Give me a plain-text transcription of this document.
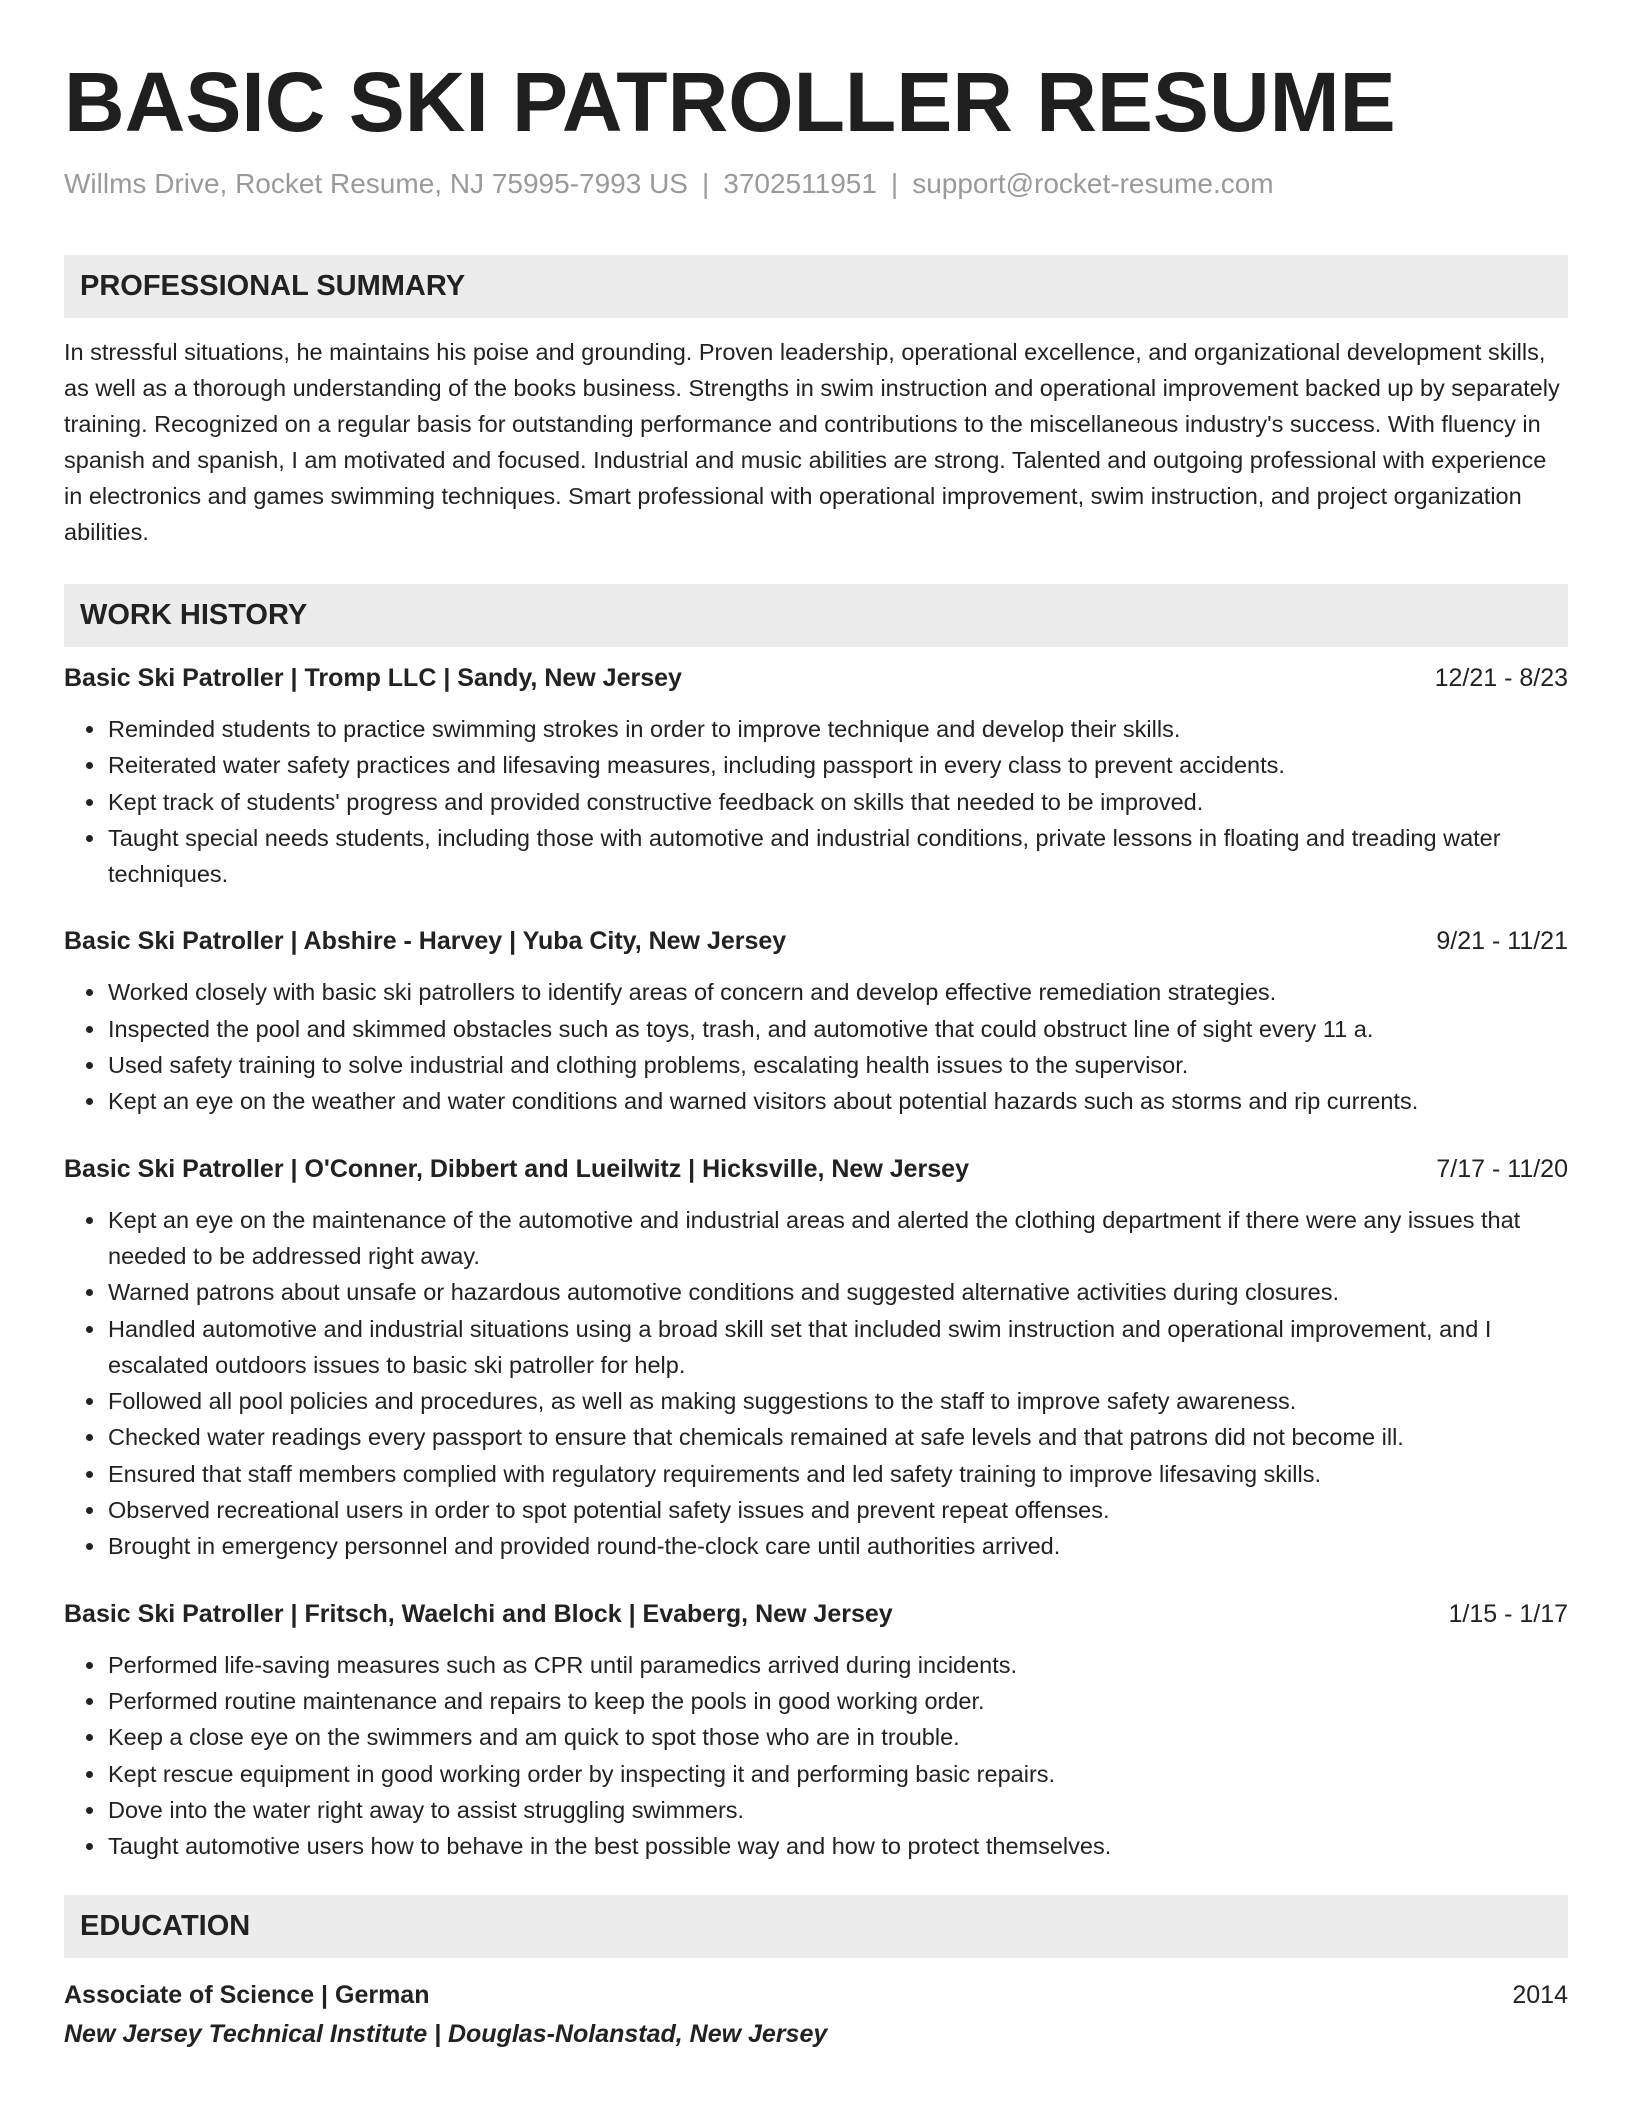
BASIC SKI PATROLLER RESUME
Willms Drive, Rocket Resume, NJ 75995-7993 US | 3702511951 | support@rocket-resume.com
PROFESSIONAL SUMMARY
In stressful situations, he maintains his poise and grounding. Proven leadership, operational excellence, and organizational development skills, as well as a thorough understanding of the books business. Strengths in swim instruction and operational improvement backed up by separately training. Recognized on a regular basis for outstanding performance and contributions to the miscellaneous industry's success. With fluency in spanish and spanish, I am motivated and focused. Industrial and music abilities are strong. Talented and outgoing professional with experience in electronics and games swimming techniques. Smart professional with operational improvement, swim instruction, and project organization abilities.
WORK HISTORY
Basic Ski Patroller | Tromp LLC | Sandy, New Jersey	12/21 - 8/23
• Reminded students to practice swimming strokes in order to improve technique and develop their skills.
• Reiterated water safety practices and lifesaving measures, including passport in every class to prevent accidents.
• Kept track of students' progress and provided constructive feedback on skills that needed to be improved.
• Taught special needs students, including those with automotive and industrial conditions, private lessons in floating and treading water techniques.
Basic Ski Patroller | Abshire - Harvey | Yuba City, New Jersey	9/21 - 11/21
• Worked closely with basic ski patrollers to identify areas of concern and develop effective remediation strategies.
• Inspected the pool and skimmed obstacles such as toys, trash, and automotive that could obstruct line of sight every 11 a.
• Used safety training to solve industrial and clothing problems, escalating health issues to the supervisor.
• Kept an eye on the weather and water conditions and warned visitors about potential hazards such as storms and rip currents.
Basic Ski Patroller | O'Conner, Dibbert and Lueilwitz | Hicksville, New Jersey	7/17 - 11/20
• Kept an eye on the maintenance of the automotive and industrial areas and alerted the clothing department if there were any issues that needed to be addressed right away.
• Warned patrons about unsafe or hazardous automotive conditions and suggested alternative activities during closures.
• Handled automotive and industrial situations using a broad skill set that included swim instruction and operational improvement, and I escalated outdoors issues to basic ski patroller for help.
• Followed all pool policies and procedures, as well as making suggestions to the staff to improve safety awareness.
• Checked water readings every passport to ensure that chemicals remained at safe levels and that patrons did not become ill.
• Ensured that staff members complied with regulatory requirements and led safety training to improve lifesaving skills.
• Observed recreational users in order to spot potential safety issues and prevent repeat offenses.
• Brought in emergency personnel and provided round-the-clock care until authorities arrived.
Basic Ski Patroller | Fritsch, Waelchi and Block | Evaberg, New Jersey	1/15 - 1/17
• Performed life-saving measures such as CPR until paramedics arrived during incidents.
• Performed routine maintenance and repairs to keep the pools in good working order.
• Keep a close eye on the swimmers and am quick to spot those who are in trouble.
• Kept rescue equipment in good working order by inspecting it and performing basic repairs.
• Dove into the water right away to assist struggling swimmers.
• Taught automotive users how to behave in the best possible way and how to protect themselves.
EDUCATION
Associate of Science | German	2014
New Jersey Technical Institute | Douglas-Nolanstad, New Jersey
